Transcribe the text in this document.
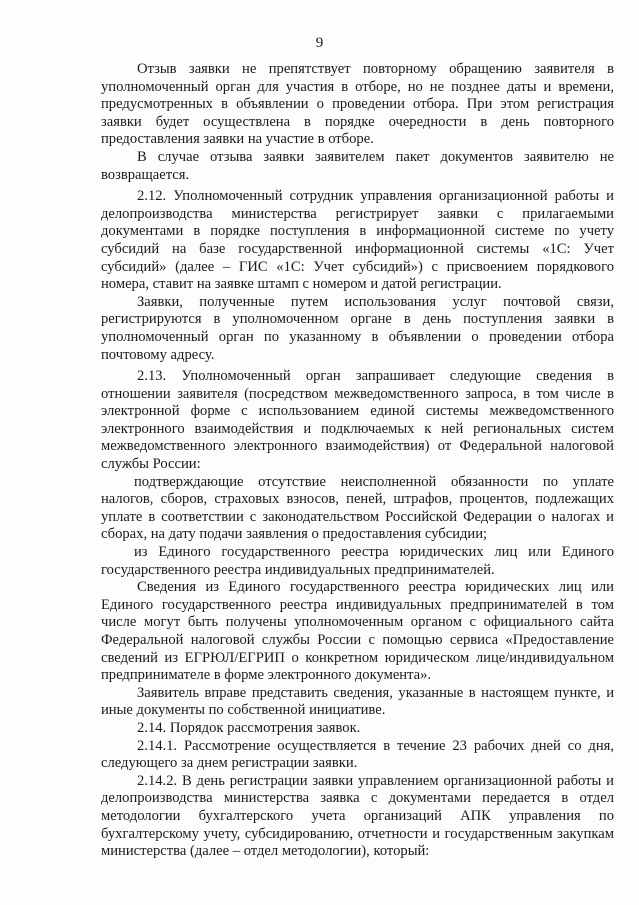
9

Отзыв заявки не препятствует повторному обращению заявителя в уполномоченный орган для участия в отборе, но не позднее даты и времени, предусмотренных в объявлении о проведении отбора. При этом регистрация заявки будет осуществлена в порядке очередности в день повторного предоставления заявки на участие в отборе.

В случае отзыва заявки заявителем пакет документов заявителю не возвращается.

2.12. Уполномоченный сотрудник управления организационной работы и делопроизводства министерства регистрирует заявки с прилагаемыми документами в порядке поступления в информационной системе по учету субсидий на базе государственной информационной системы «1С: Учет субсидий» (далее – ГИС «1С: Учет субсидий») с присвоением порядкового номера, ставит на заявке штамп с номером и датой регистрации.

Заявки, полученные путем использования услуг почтовой связи, регистрируются в уполномоченном органе в день поступления заявки в уполномоченный орган по указанному в объявлении о проведении отбора почтовому адресу.

2.13. Уполномоченный орган запрашивает следующие сведения в отношении заявителя (посредством межведомственного запроса, в том числе в электронной форме с использованием единой системы межведомственного электронного взаимодействия и подключаемых к ней региональных систем межведомственного электронного взаимодействия) от Федеральной налоговой службы России:

подтверждающие отсутствие неисполненной обязанности по уплате налогов, сборов, страховых взносов, пеней, штрафов, процентов, подлежащих уплате в соответствии с законодательством Российской Федерации о налогах и сборах, на дату подачи заявления о предоставления субсидии;

из Единого государственного реестра юридических лиц или Единого государственного реестра индивидуальных предпринимателей.

Сведения из Единого государственного реестра юридических лиц или Единого государственного реестра индивидуальных предпринимателей в том числе могут быть получены уполномоченным органом с официального сайта Федеральной налоговой службы России с помощью сервиса «Предоставление сведений из ЕГРЮЛ/ЕГРИП о конкретном юридическом лице/индивидуальном предпринимателе в форме электронного документа».

Заявитель вправе представить сведения, указанные в настоящем пункте, и иные документы по собственной инициативе.

2.14. Порядок рассмотрения заявок.

2.14.1. Рассмотрение осуществляется в течение 23 рабочих дней со дня, следующего за днем регистрации заявки.

2.14.2. В день регистрации заявки управлением организационной работы и делопроизводства министерства заявка с документами передается в отдел методологии бухгалтерского учета организаций АПК управления по бухгалтерскому учету, субсидированию, отчетности и государственным закупкам министерства (далее – отдел методологии), который:
